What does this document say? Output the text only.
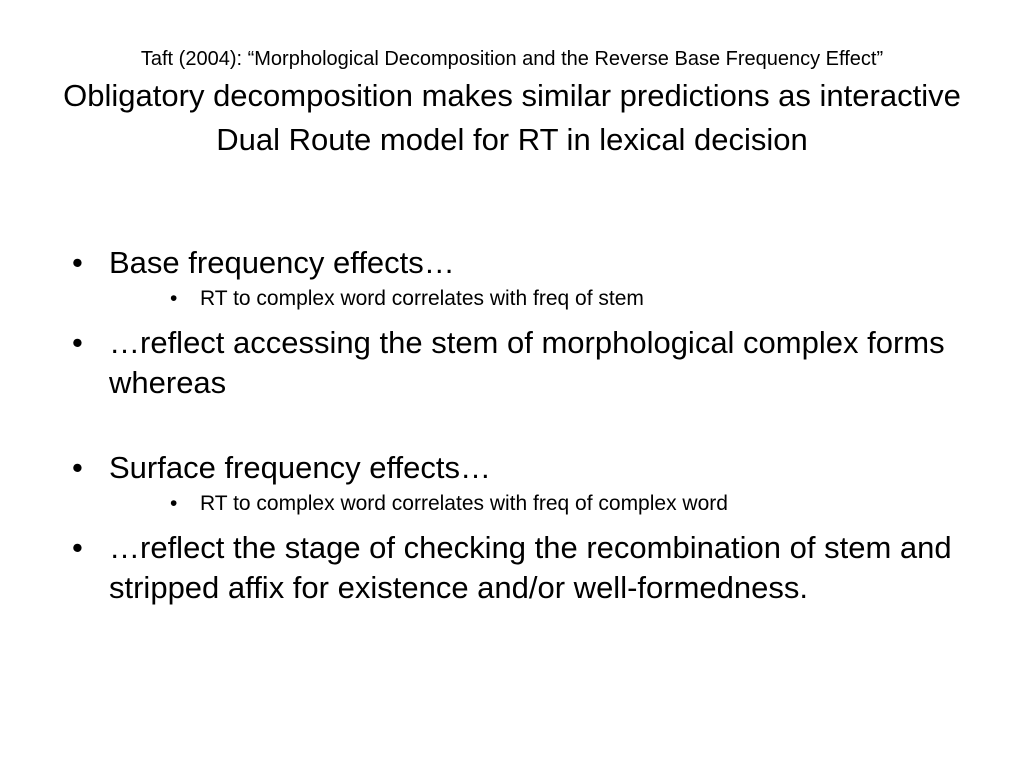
Taft (2004): “Morphological Decomposition and the Reverse Base Frequency Effect”

Obligatory decomposition makes similar predictions as interactive Dual Route model for RT in lexical decision
• Base frequency effects…
• RT to complex word correlates with freq of stem
• …reflect accessing the stem of morphological complex forms whereas
• Surface frequency effects…
• RT to complex word correlates with freq of complex word
• …reflect the stage of checking the recombination of stem and stripped affix for existence and/or well-formedness.
